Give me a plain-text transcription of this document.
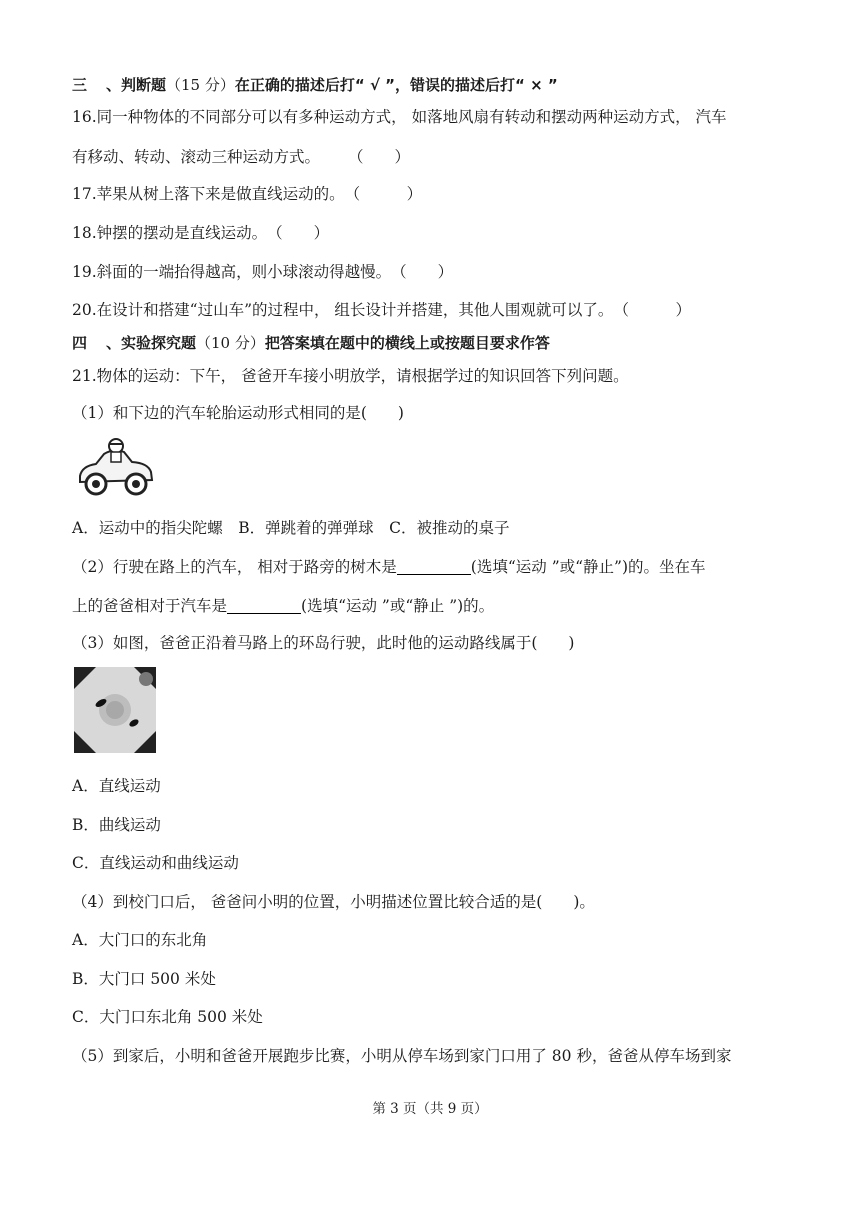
三 、判断题（15 分）在正确的描述后打“ √ ”，错误的描述后打“ × ”
16.同一种物体的不同部分可以有多种运动方式， 如落地风扇有转动和摆动两种运动方式， 汽车
有移动、转动、滚动三种运动方式。 （　　）
17.苹果从树上落下来是做直线运动的。（　　　）
18.钟摆的摆动是直线运动。（　　）
19.斜面的一端抬得越高，则小球滚动得越慢。（　　）
20.在设计和搭建“过山车”的过程中， 组长设计并搭建，其他人围观就可以了。（　　　）
四 、实验探究题（10 分）把答案填在题中的横线上或按题目要求作答
21.物体的运动：下午， 爸爸开车接小明放学，请根据学过的知识回答下列问题。
（1）和下边的汽车轮胎运动形式相同的是(　　)
A．运动中的指尖陀螺　B．弹跳着的弹弹球　C．被推动的桌子
（2）行驶在路上的汽车， 相对于路旁的树木是	(选填“运动 ”或“静止”)的。坐在车
上的爸爸相对于汽车是	(选填“运动 ”或“静止 ”)的。
（3）如图，爸爸正沿着马路上的环岛行驶，此时他的运动路线属于(　　)
A．直线运动
B．曲线运动
C．直线运动和曲线运动
（4）到校门口后， 爸爸问小明的位置，小明描述位置比较合适的是(　　)。
A．大门口的东北角
B．大门口 500 米处
C．大门口东北角 500 米处
（5）到家后，小明和爸爸开展跑步比赛，小明从停车场到家门口用了 80 秒，爸爸从停车场到家
第 3 页（共 9 页）
